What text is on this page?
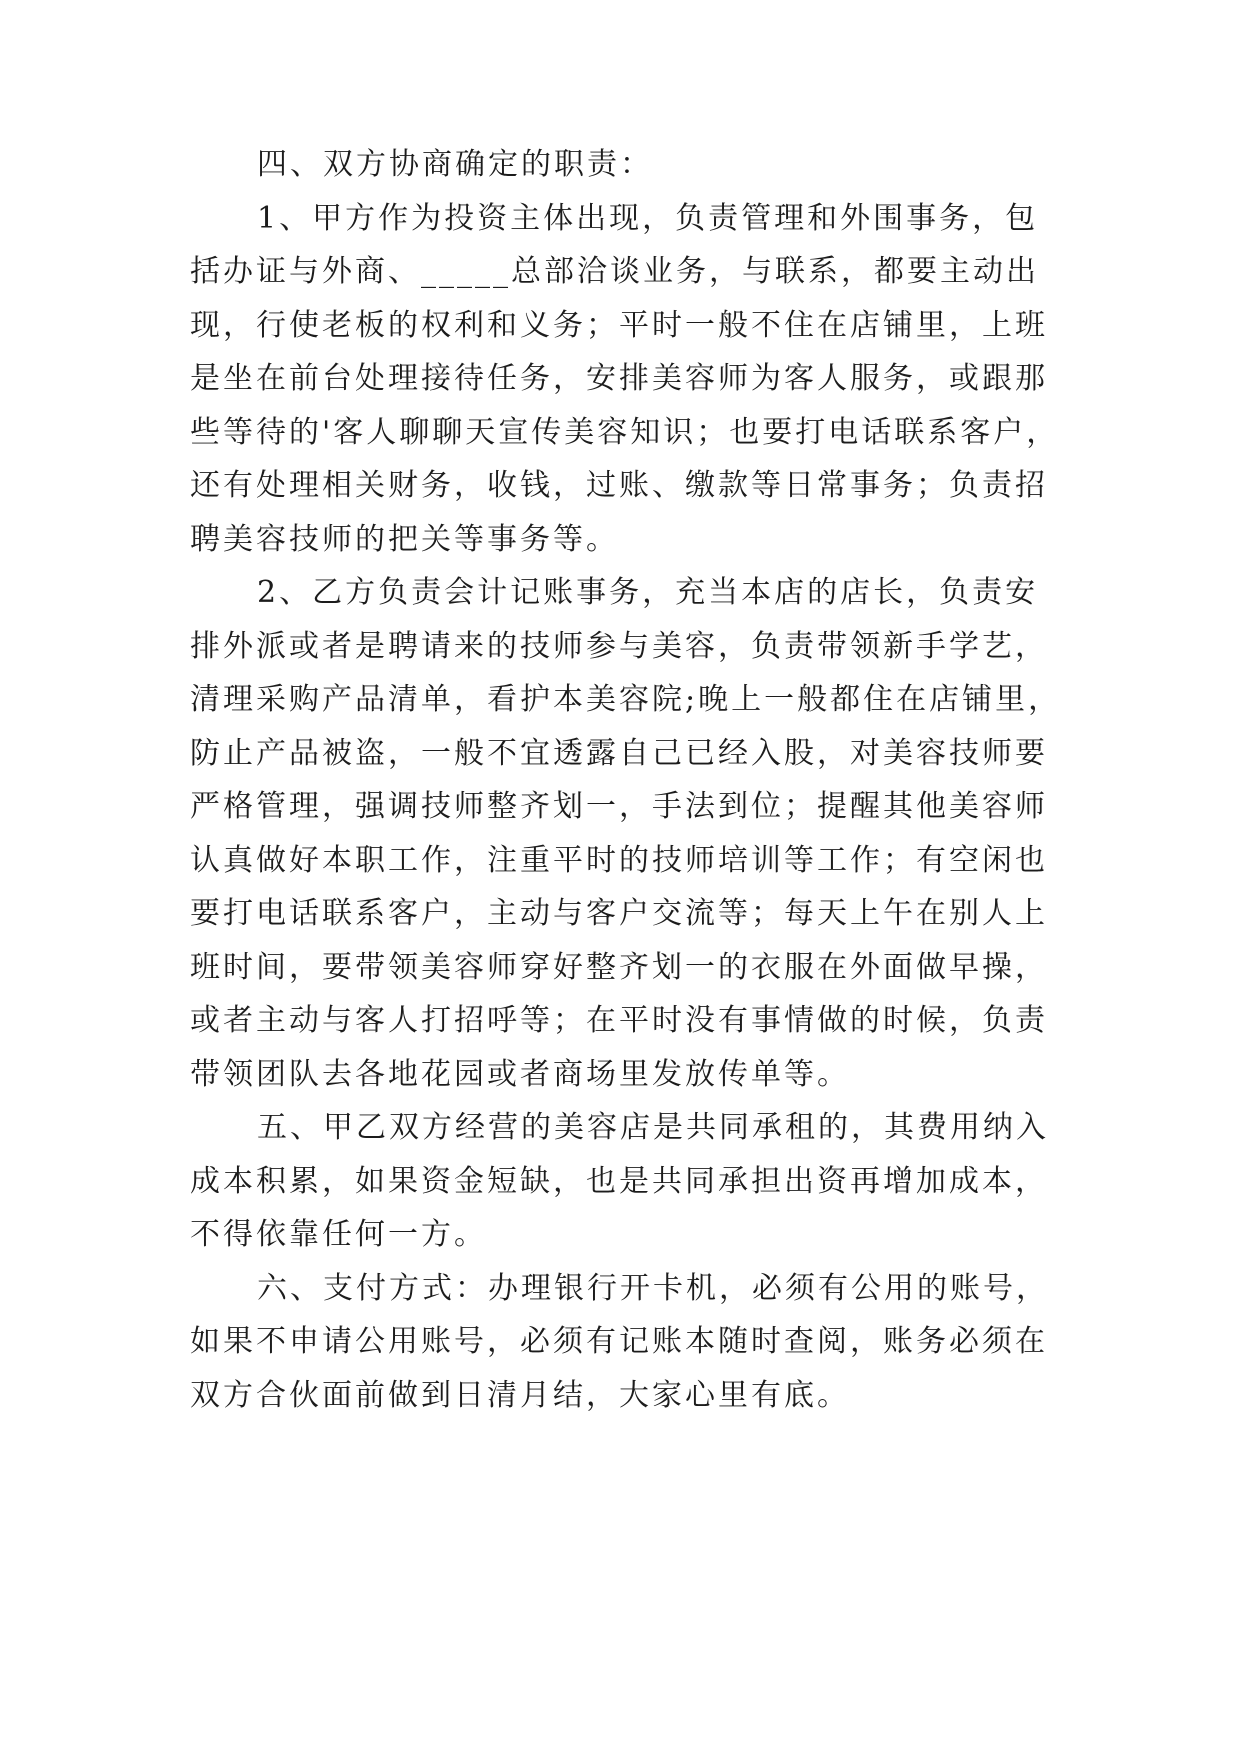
四、双方协商确定的职责：
1、甲方作为投资主体出现，负责管理和外围事务，包
括办证与外商、_____总部洽谈业务，与联系，都要主动出
现，行使老板的权利和义务；平时一般不住在店铺里，上班
是坐在前台处理接待任务，安排美容师为客人服务，或跟那
些等待的'客人聊聊天宣传美容知识；也要打电话联系客户，
还有处理相关财务，收钱，过账、缴款等日常事务；负责招
聘美容技师的把关等事务等。
2、乙方负责会计记账事务，充当本店的店长，负责安
排外派或者是聘请来的技师参与美容，负责带领新手学艺，
清理采购产品清单，看护本美容院;晚上一般都住在店铺里，
防止产品被盗，一般不宜透露自己已经入股，对美容技师要
严格管理，强调技师整齐划一，手法到位；提醒其他美容师
认真做好本职工作，注重平时的技师培训等工作；有空闲也
要打电话联系客户，主动与客户交流等；每天上午在别人上
班时间，要带领美容师穿好整齐划一的衣服在外面做早操，
或者主动与客人打招呼等；在平时没有事情做的时候，负责
带领团队去各地花园或者商场里发放传单等。
五、甲乙双方经营的美容店是共同承租的，其费用纳入
成本积累，如果资金短缺，也是共同承担出资再增加成本，
不得依靠任何一方。
六、支付方式：办理银行开卡机，必须有公用的账号，
如果不申请公用账号，必须有记账本随时查阅，账务必须在
双方合伙面前做到日清月结，大家心里有底。
